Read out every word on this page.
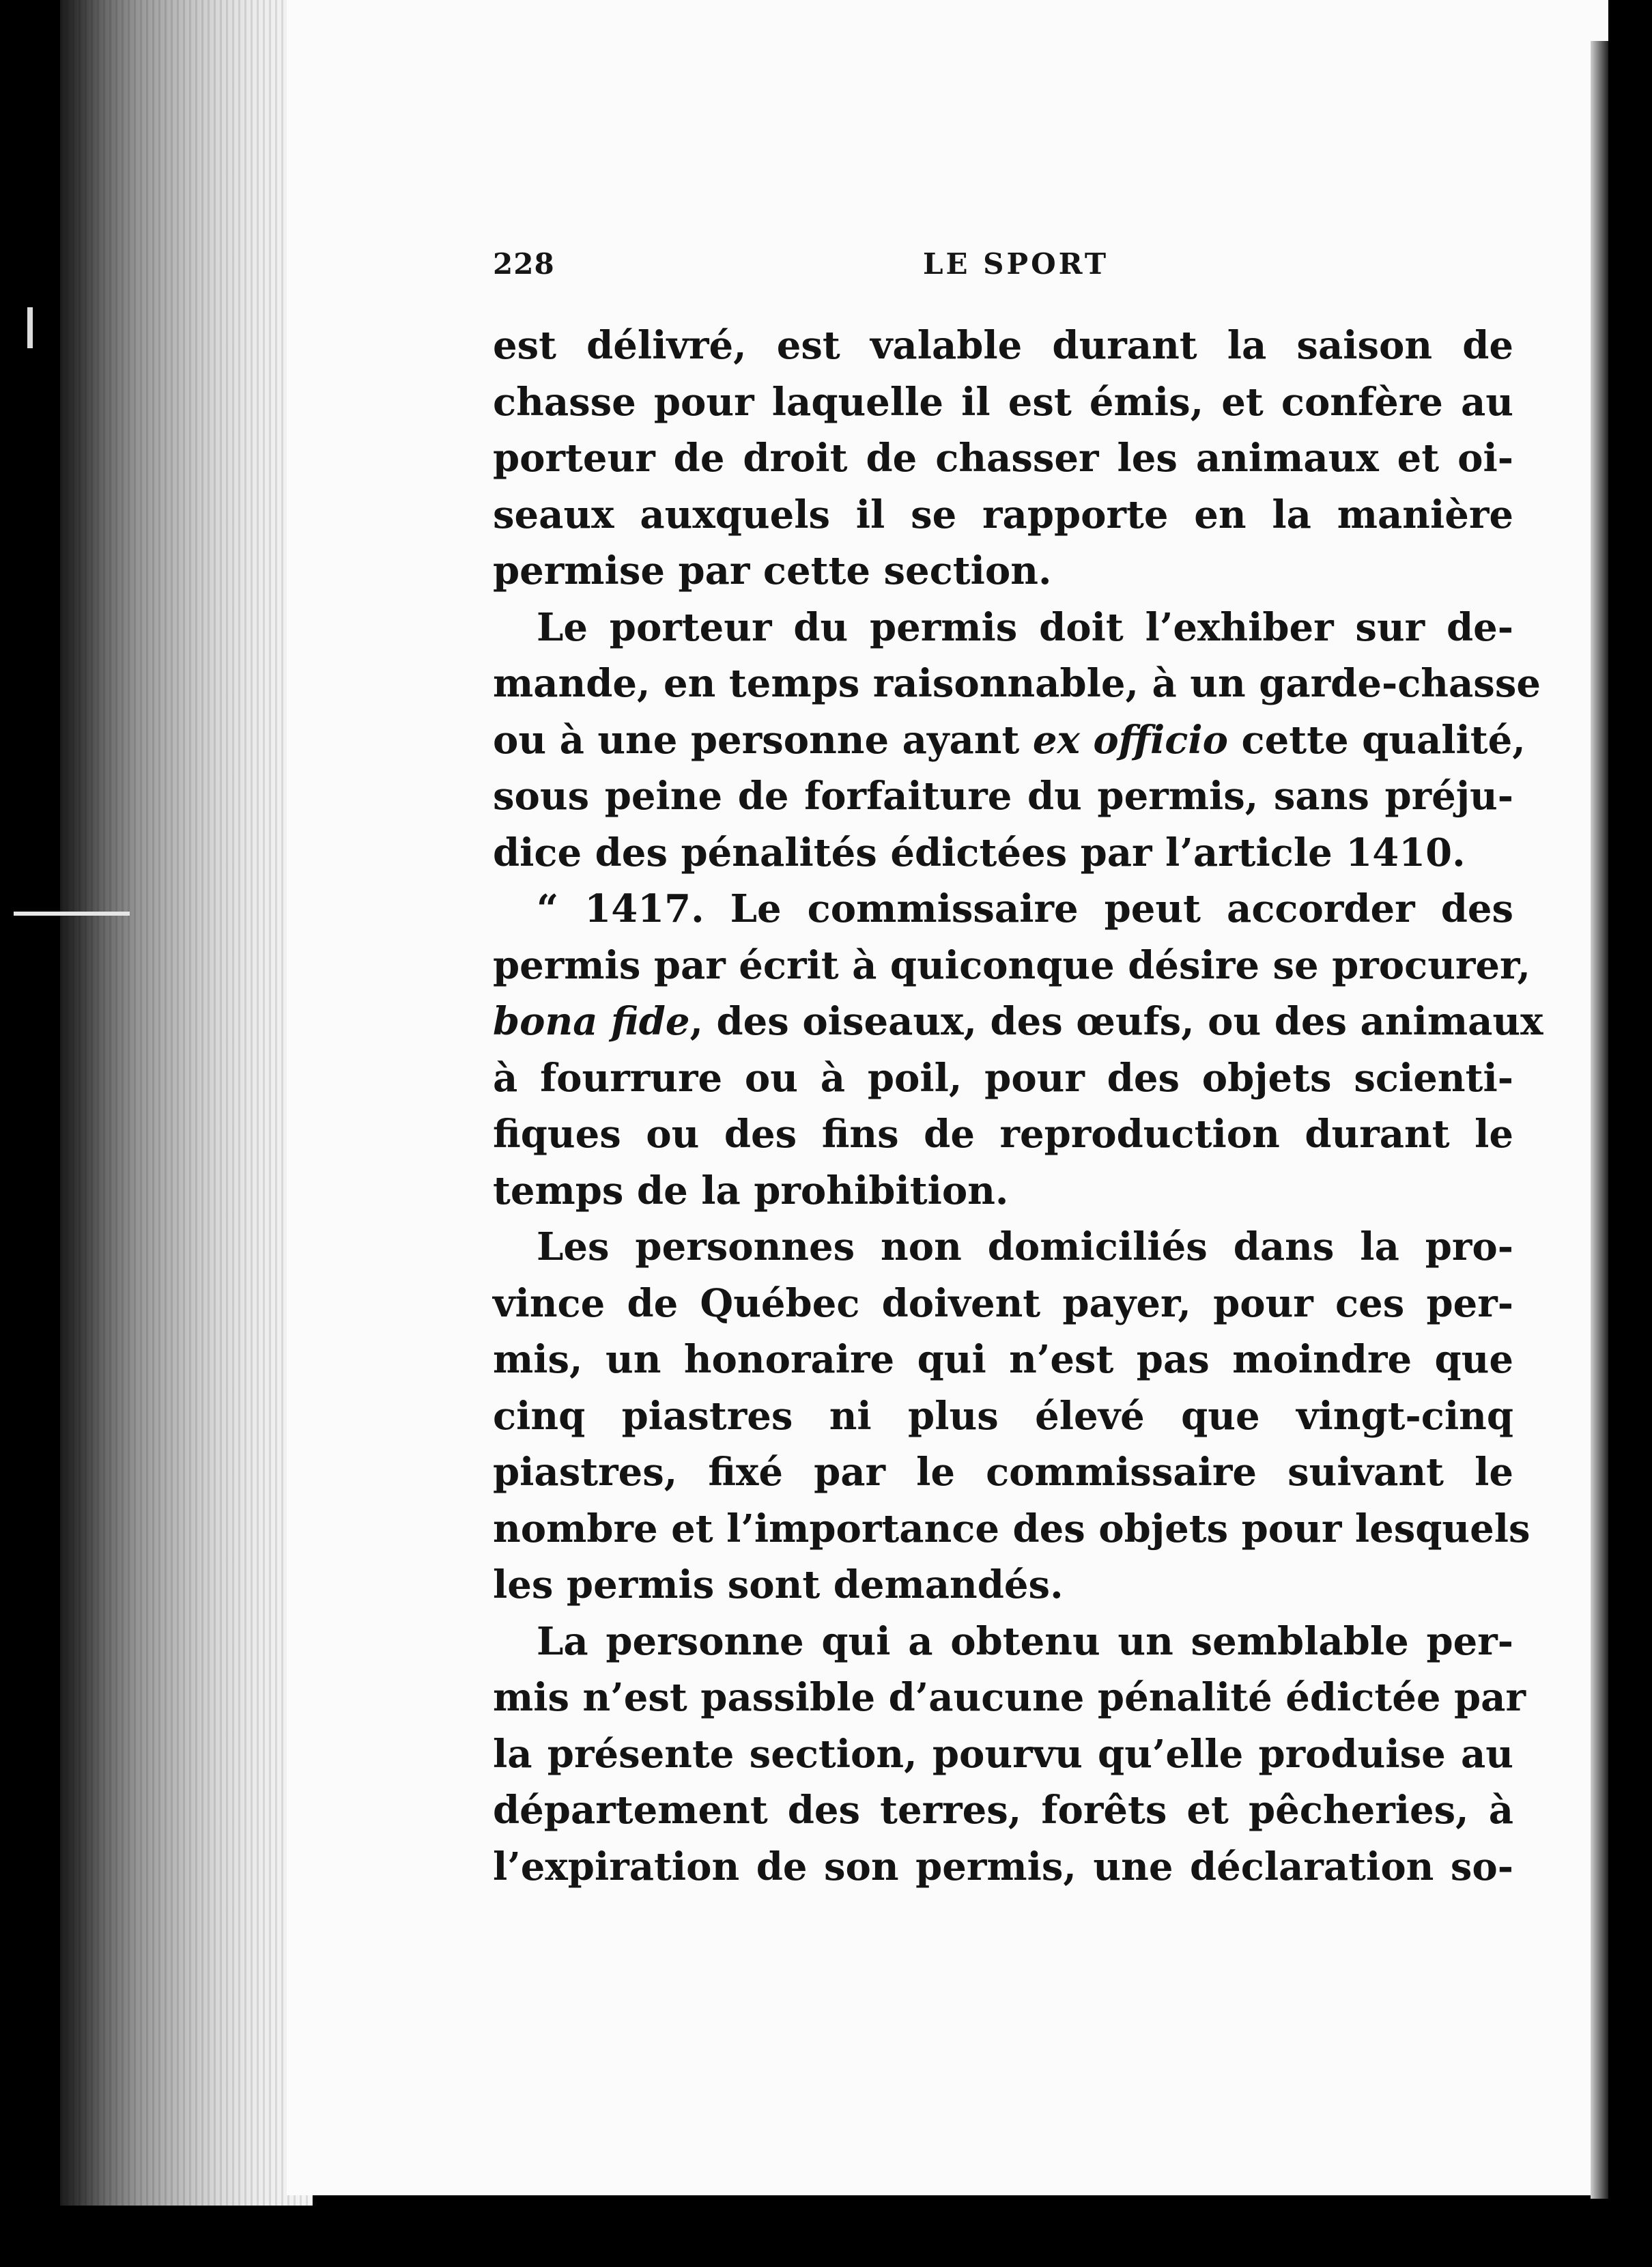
228	LE SPORT
est délivré, est valable durant la saison de
chasse pour laquelle il est émis, et confère au
porteur de droit de chasser les animaux et oi-
seaux auxquels il se rapporte en la manière
permise par cette section.
Le porteur du permis doit l’exhiber sur de-
mande, en temps raisonnable, à un garde-chasse
ou à une personne ayant ex officio cette qualité,
sous peine de forfaiture du permis, sans préju-
dice des pénalités édictées par l’article 1410.
“ 1417. Le commissaire peut accorder des
permis par écrit à quiconque désire se procurer,
bona fide, des oiseaux, des œufs, ou des animaux
à fourrure ou à poil, pour des objets scienti-
fiques ou des fins de reproduction durant le
temps de la prohibition.
Les personnes non domiciliés dans la pro-
vince de Québec doivent payer, pour ces per-
mis, un honoraire qui n’est pas moindre que
cinq piastres ni plus élevé que vingt-cinq
piastres, fixé par le commissaire suivant le
nombre et l’importance des objets pour lesquels
les permis sont demandés.
La personne qui a obtenu un semblable per-
mis n’est passible d’aucune pénalité édictée par
la présente section, pourvu qu’elle produise au
département des terres, forêts et pêcheries, à
l’expiration de son permis, une déclaration so-
